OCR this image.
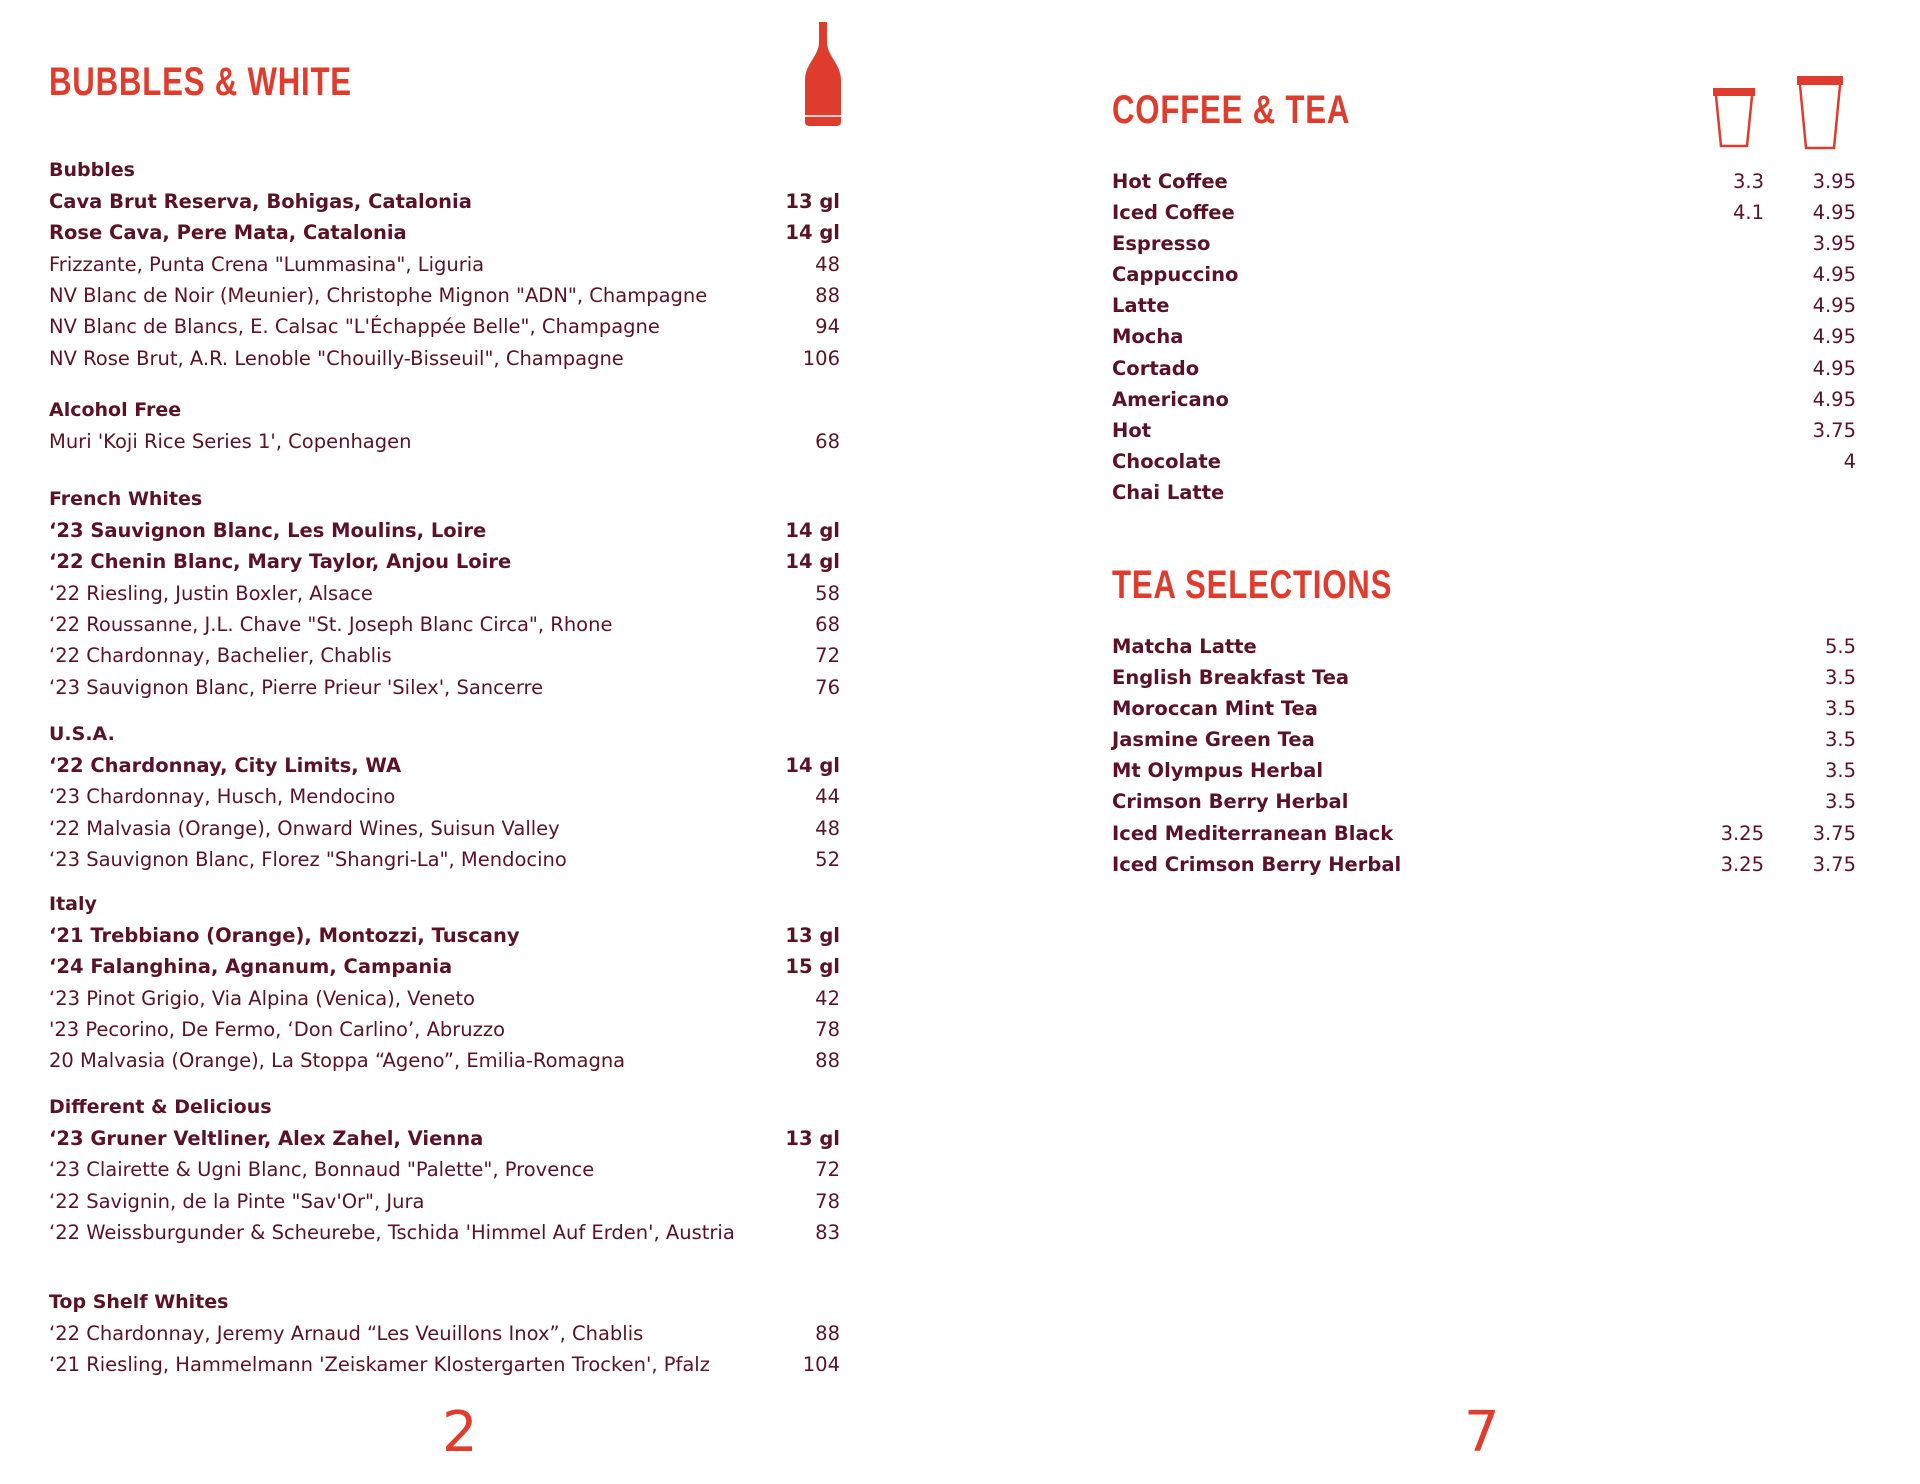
BUBBLES & WHITE
Bubbles
Cava Brut Reserva, Bohigas, Catalonia	13 gl
Rose Cava, Pere Mata, Catalonia	14 gl
Frizzante, Punta Crena "Lummasina", Liguria	48
NV Blanc de Noir (Meunier), Christophe Mignon "ADN", Champagne	88
NV Blanc de Blancs, E. Calsac "L'Échappée Belle", Champagne	94
NV Rose Brut, A.R. Lenoble "Chouilly-Bisseuil", Champagne	106
Alcohol Free
Muri 'Koji Rice Series 1', Copenhagen	68
French Whites
‘23 Sauvignon Blanc, Les Moulins, Loire	14 gl
‘22 Chenin Blanc, Mary Taylor, Anjou Loire	14 gl
‘22 Riesling, Justin Boxler, Alsace	58
‘22 Roussanne, J.L. Chave "St. Joseph Blanc Circa", Rhone	68
‘22 Chardonnay, Bachelier, Chablis	72
‘23 Sauvignon Blanc, Pierre Prieur 'Silex', Sancerre	76
U.S.A.
‘22 Chardonnay, City Limits, WA	14 gl
‘23 Chardonnay, Husch, Mendocino	44
‘22 Malvasia (Orange), Onward Wines, Suisun Valley	48
‘23 Sauvignon Blanc, Florez "Shangri-La", Mendocino	52
Italy
‘21 Trebbiano (Orange), Montozzi, Tuscany	13 gl
‘24 Falanghina, Agnanum, Campania	15 gl
‘23 Pinot Grigio, Via Alpina (Venica), Veneto	42
'23 Pecorino, De Fermo, ‘Don Carlino’, Abruzzo	78
20 Malvasia (Orange), La Stoppa “Ageno”, Emilia-Romagna	88
Different & Delicious
‘23 Gruner Veltliner, Alex Zahel, Vienna	13 gl
‘23 Clairette & Ugni Blanc, Bonnaud "Palette", Provence	72
‘22 Savignin, de la Pinte "Sav'Or", Jura	78
‘22 Weissburgunder & Scheurebe, Tschida 'Himmel Auf Erden', Austria	83
Top Shelf Whites
‘22 Chardonnay, Jeremy Arnaud “Les Veuillons Inox”, Chablis	88
‘21 Riesling, Hammelmann 'Zeiskamer Klostergarten Trocken', Pfalz	104
2
COFFEE & TEA
Hot Coffee	3.3 3.95
Iced Coffee	4.1 4.95
Espresso	3.95
Cappuccino	4.95
Latte	4.95
Mocha	4.95
Cortado	4.95
Americano	4.95
Hot	3.75
Chocolate	4
Chai Latte
TEA SELECTIONS
Matcha Latte	5.5
English Breakfast Tea	3.5
Moroccan Mint Tea	3.5
Jasmine Green Tea	3.5
Mt Olympus Herbal	3.5
Crimson Berry Herbal	3.5
Iced Mediterranean Black	3.25 3.75
Iced Crimson Berry Herbal	3.25 3.75
7
